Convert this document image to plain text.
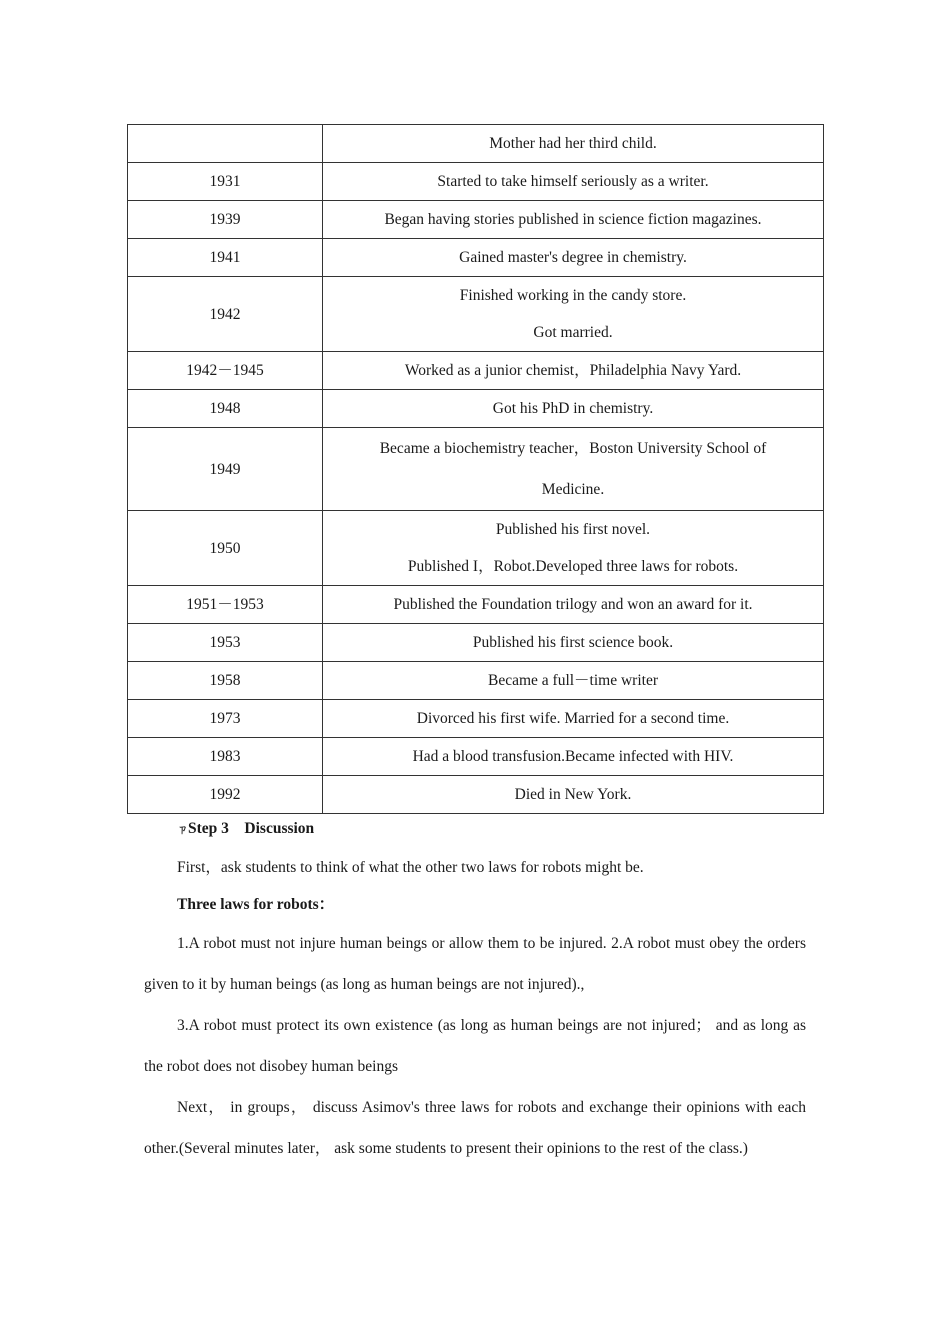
	Mother had her third child.

1931	Started to take himself seriously as a writer.

1939	Began having stories published in science fiction magazines.

1941	Gained master's degree in chemistry.

1942	Finished working in the candy store.
Got married.

1942－1945	Worked as a junior chemist，Philadelphia Navy Yard.

1948	Got his PhD in chemistry.

1949	Became a biochemistry teacher，Boston University School of Medicine.

1950	Published his first novel.
Published I，Robot.Developed three laws for robots.

1951－1953	Published the Foundation trilogy and won an award for it.

1953	Published his first science book.

1958	Became a full－time writer

1973	Divorced his first wife. Married for a second time.

1983	Had a blood transfusion.Became infected with HIV.

1992	Died in New York.

ㄗStep 3　Discussion

First，ask students to think of what the other two laws for robots might be.

Three laws for robots：

1.A robot must not injure human beings or allow them to be injured. 2.A robot must obey the orders given to it by human beings (as long as human beings are not injured).,

3.A robot must protect its own existence (as long as human beings are not injured； and as long as the robot does not disobey human beings

Next， in groups， discuss Asimov's three laws for robots and exchange their opinions with each other.(Several minutes later， ask some students to present their opinions to the rest of the class.)
